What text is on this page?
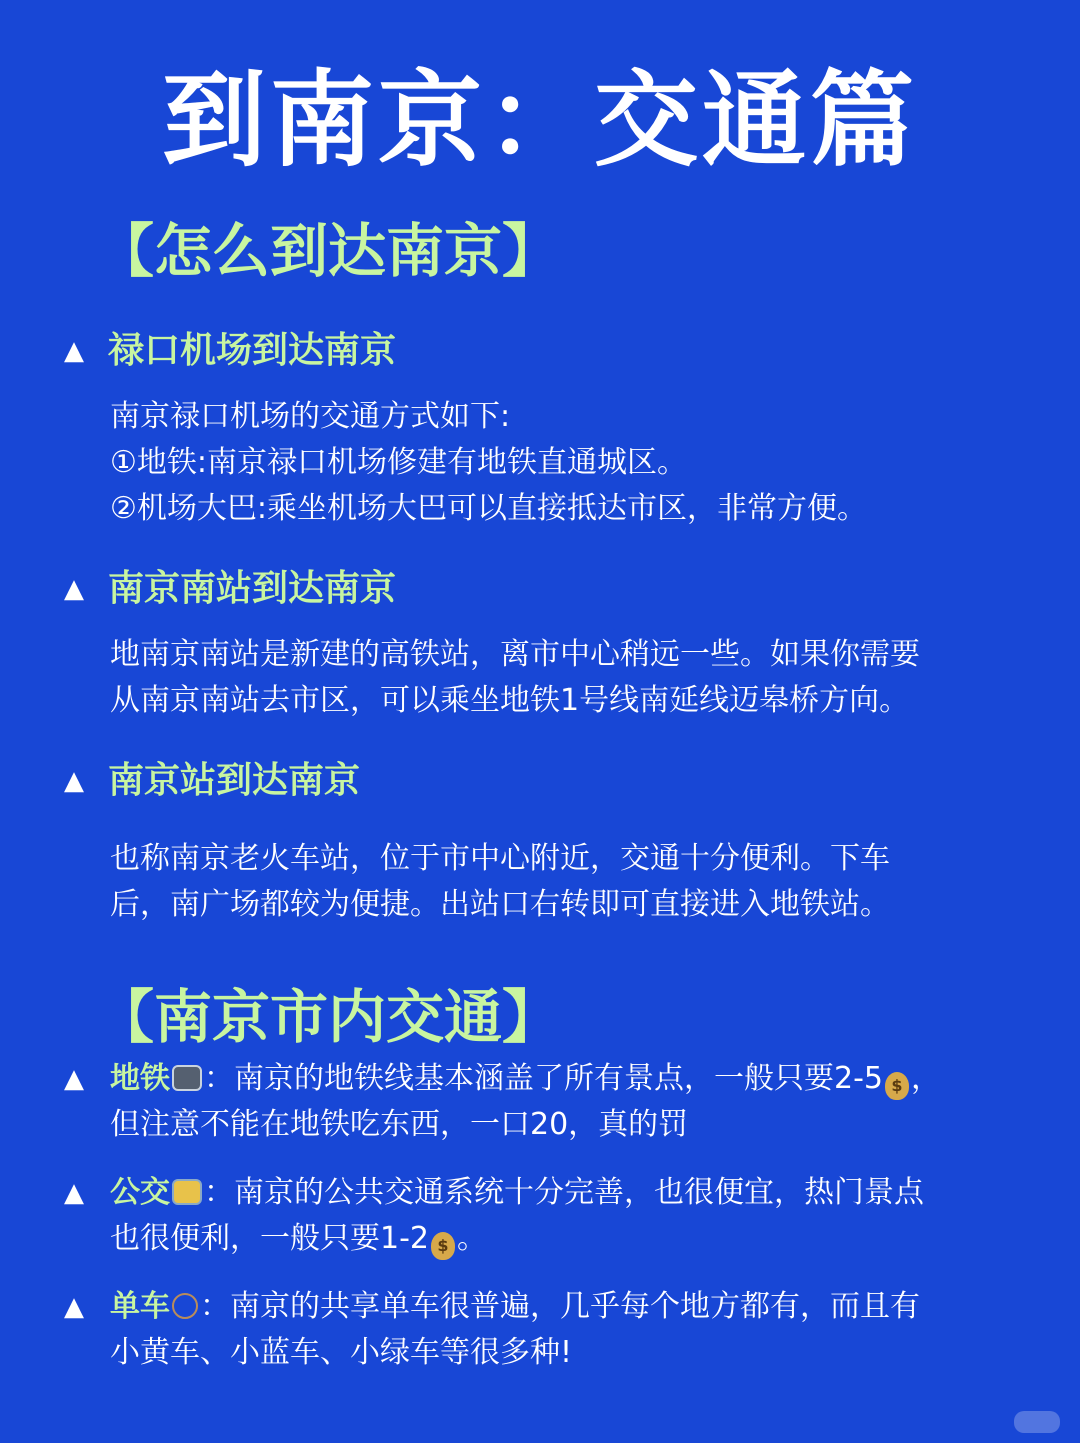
到南京：交通篇
【怎么到达南京】
▲ 禄口机场到达南京

南京禄口机场的交通方式如下:

①地铁:南京禄口机场修建有地铁直通城区。

②机场大巴:乘坐机场大巴可以直接抵达市区，非常方便。

▲ 南京南站到达南京

地南京南站是新建的高铁站，离市中心稍远一些。如果你需要

从南京南站去市区，可以乘坐地铁1号线南延线迈皋桥方向。

▲ 南京站到达南京

也称南京老火车站，位于市中心附近，交通十分便利。下车

后，南广场都较为便捷。出站口右转即可直接进入地铁站。

【南京市内交通】
▲ 地铁 ：南京的地铁线基本涵盖了所有景点，一般只要2-5 $ ，
但注意不能在地铁吃东西，一口20，真的罚
▲ 公交 ：南京的公共交通系统十分完善，也很便宜，热门景点
也很便利，一般只要1-2 $ 。
▲ 单车 ：南京的共享单车很普遍，几乎每个地方都有，而且有
小黄车、小蓝车、小绿车等很多种!
